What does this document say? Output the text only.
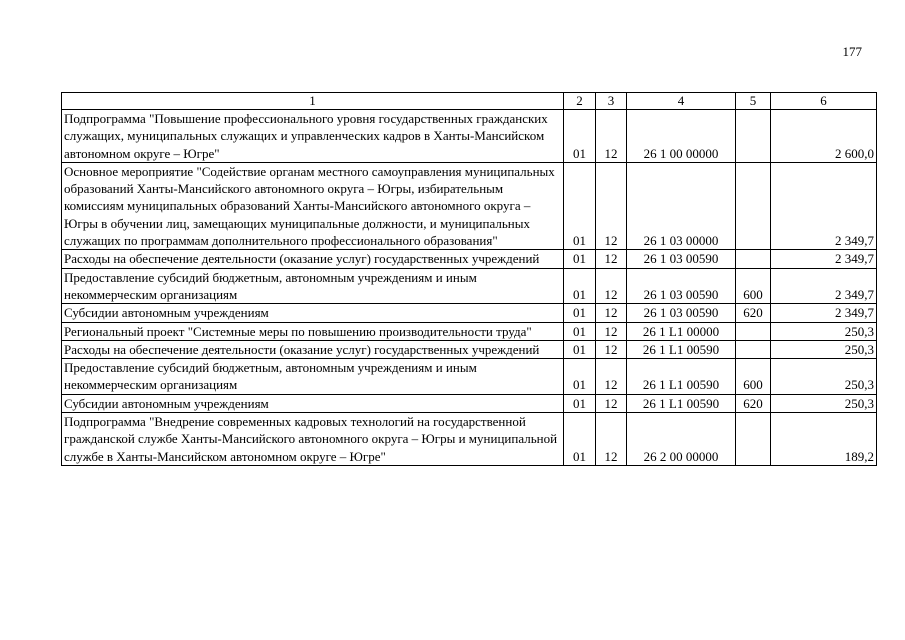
177
1	2	3	4	5	6
Подпрограмма "Повышение профессионального уровня государственных гражданских служащих, муниципальных служащих и управленческих кадров в Ханты-Мансийском автономном округе – Югре"	01	12	26 1 00 00000		2 600,0
Основное мероприятие "Содействие органам местного самоуправления муниципальных образований Ханты-Мансийского автономного округа – Югры, избирательным комиссиям муниципальных образований Ханты-Мансийского автономного округа – Югры в обучении лиц, замещающих муниципальные должности, и муниципальных служащих по программам дополнительного профессионального образования"	01	12	26 1 03 00000		2 349,7
Расходы на обеспечение деятельности (оказание услуг) государственных учреждений	01	12	26 1 03 00590		2 349,7
Предоставление субсидий бюджетным, автономным учреждениям и иным некоммерческим организациям	01	12	26 1 03 00590	600	2 349,7
Субсидии автономным учреждениям	01	12	26 1 03 00590	620	2 349,7
Региональный проект "Системные меры по повышению производительности труда"	01	12	26 1 L1 00000		250,3
Расходы на обеспечение деятельности (оказание услуг) государственных учреждений	01	12	26 1 L1 00590		250,3
Предоставление субсидий бюджетным, автономным учреждениям и иным некоммерческим организациям	01	12	26 1 L1 00590	600	250,3
Субсидии автономным учреждениям	01	12	26 1 L1 00590	620	250,3
Подпрограмма "Внедрение современных кадровых технологий на государственной гражданской службе Ханты-Мансийского автономного округа – Югры и муниципальной службе в Ханты-Мансийском автономном округе – Югре"	01	12	26 2 00 00000		189,2
